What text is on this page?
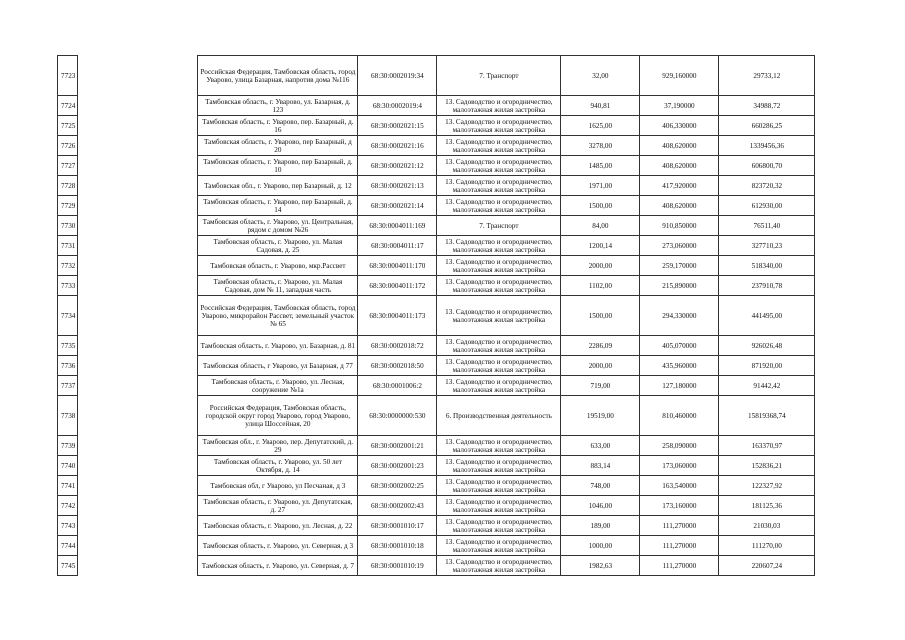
7723		Российская Федерация, Тамбовская область, город Уварово, улица Базарная, напротив дома №116	68:30:0002019:34	7. Транспорт	32,00	929,160000	29733,12
7724		Тамбовская область, г. Уварово, ул. Базарная, д. 123	68:30:0002019:4	13. Садоводство и огородничество, малоэтажная жилая застройка	940,81	37,190000	34988,72
7725		Тамбовская область, г. Уварово, пер. Базарный, д. 16	68:30:0002021:15	13. Садоводство и огородничество, малоэтажная жилая застройка	1625,00	406,330000	660286,25
7726		Тамбовская область, г. Уварово, пер Базарный, д 20	68:30:0002021:16	13. Садоводство и огородничество, малоэтажная жилая застройка	3278,00	408,620000	1339456,36
7727		Тамбовская область, г. Уварово, пер Базарный, д. 10	68:30:0002021:12	13. Садоводство и огородничество, малоэтажная жилая застройка	1485,00	408,620000	606800,70
7728		Тамбовская обл., г. Уварово, пер Базарный, д. 12	68:30:0002021:13	13. Садоводство и огородничество, малоэтажная жилая застройка	1971,00	417,920000	823720,32
7729		Тамбовская область, г. Уварово, пер Базарный, д. 14	68:30:0002021:14	13. Садоводство и огородничество, малоэтажная жилая застройка	1500,00	408,620000	612930,00
7730		Тамбовская область, г. Уварово, ул. Центральная, рядом с домом №26	68:30:0004011:169	7. Транспорт	84,00	910,850000	76511,40
7731		Тамбовская область, г. Уварово, ул. Малая Садовая, д. 25	68:30:0004011:17	13. Садоводство и огородничество, малоэтажная жилая застройка	1200,14	273,060000	327710,23
7732		Тамбовская область, г. Уварово, мкр.Рассвет	68:30:0004011:170	13. Садоводство и огородничество, малоэтажная жилая застройка	2000,00	259,170000	518340,00
7733		Тамбовская область, г. Уварово, ул. Малая Садовая, дом № 11, западная часть	68:30:0004011:172	13. Садоводство и огородничество, малоэтажная жилая застройка	1102,00	215,890000	237910,78
7734		Российская Федерация, Тамбовская область, город Уварово, микрорайон Рассвет, земельный участок № 65	68:30:0004011:173	13. Садоводство и огородничество, малоэтажная жилая застройка	1500,00	294,330000	441495,00
7735		Тамбовская область, г. Уварово, ул. Базарная, д. 81	68:30:0002018:72	13. Садоводство и огородничество, малоэтажная жилая застройка	2286,09	405,070000	926026,48
7736		Тамбовская область, г Уварово, ул Базарная, д 77	68:30:0002018:50	13. Садоводство и огородничество, малоэтажная жилая застройка	2000,00	435,960000	871920,00
7737		Тамбовская область, г. Уварово, ул. Лесная, сооружение №1а	68:30:0001006:2	13. Садоводство и огородничество, малоэтажная жилая застройка	719,00	127,180000	91442,42
7738		Российская Федерация, Тамбовская область, городской округ город Уварово, город Уварово, улица Шоссейная, 20	68:30:0000000:530	6. Производственная деятельность	19519,00	810,460000	15819368,74
7739		Тамбовская обл., г. Уварово, пер. Депутатский, д. 29	68:30:0002001:21	13. Садоводство и огородничество, малоэтажная жилая застройка	633,00	258,090000	163370,97
7740		Тамбовская область, г. Уварово, ул. 50 лет Октября, д. 14	68:30:0002001:23	13. Садоводство и огородничество, малоэтажная жилая застройка	883,14	173,060000	152836,21
7741		Тамбовская обл, г Уварово, ул Песчаная, д 3	68:30:0002002:25	13. Садоводство и огородничество, малоэтажная жилая застройка	748,00	163,540000	122327,92
7742		Тамбовская область, г. Уварово, ул. Депутатская, д. 27	68:30:0002002:43	13. Садоводство и огородничество, малоэтажная жилая застройка	1046,00	173,160000	181125,36
7743		Тамбовская область, г. Уварово, ул. Лесная, д. 22	68:30:0001010:17	13. Садоводство и огородничество, малоэтажная жилая застройка	189,00	111,270000	21030,03
7744		Тамбовская область, г. Уварово, ул. Северная, д 3	68:30:0001010:18	13. Садоводство и огородничество, малоэтажная жилая застройка	1000,00	111,270000	111270,00
7745		Тамбовская область, г. Уварово, ул. Северная, д. 7	68:30:0001010:19	13. Садоводство и огородничество, малоэтажная жилая застройка	1982,63	111,270000	220607,24
